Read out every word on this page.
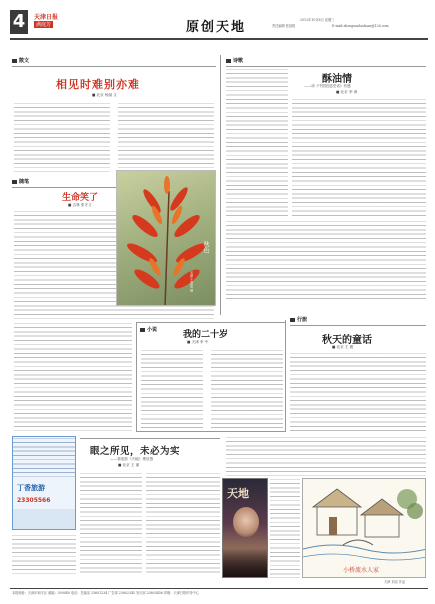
4	天津日报
满庭芳	原创天地	2012年10月8日 星期三
责任编辑 张祖根	E-mail:zhenguanlaokanr@126.com
散文
相见时难别亦难
■ 北京 杨丽 文
随笔
生命笑了
■ 吉林 张守义
秋色
天津 王洪泉 摄
诗歌
酥油情
——读《中国宫廷史话》有感
■ 北京 李 涛
行旅
秋天的童话
■ 北京 王 媛
小说	我的二十岁
■ 天津 李 中
丁香旅游
23305566
眼之所见，未必为实
——看电影《天地》观后感
■ 北京 王 丽
天地
小桥流水人家
天津 刘洁 作品
本报地址：天津市和平区 邮编：300040 电话：总编室 23601234 广告部 23602345 发行部 23603456 印刷：天津日报印务中心
